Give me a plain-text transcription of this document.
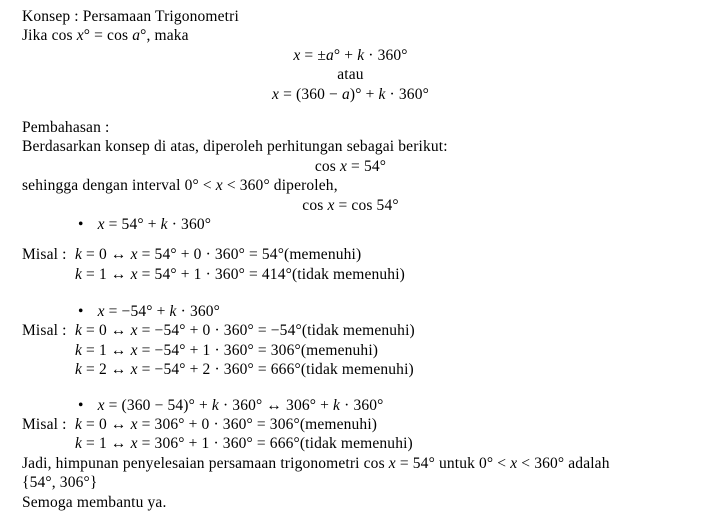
Konsep : Persamaan Trigonometri
Jika cos x° = cos a°, maka
x = ±a° + k · 360°
atau
x = (360 − a)° + k · 360°
Pembahasan :
Berdasarkan konsep di atas, diperoleh perhitungan sebagai berikut:
cos x = 54°
sehingga dengan interval 0° < x < 360° diperoleh,
cos x = cos 54°
• x = 54° + k · 360°
Misal : k = 0 ↔ x = 54° + 0 · 360° = 54°(memenuhi)
k = 1 ↔ x = 54° + 1 · 360° = 414°(tidak memenuhi)
• x = −54° + k · 360°
Misal : k = 0 ↔ x = −54° + 0 · 360° = −54°(tidak memenuhi)
k = 1 ↔ x = −54° + 1 · 360° = 306°(memenuhi)
k = 2 ↔ x = −54° + 2 · 360° = 666°(tidak memenuhi)
• x = (360 − 54)° + k · 360° ↔ 306° + k · 360°
Misal : k = 0 ↔ x = 306° + 0 · 360° = 306°(memenuhi)
k = 1 ↔ x = 306° + 1 · 360° = 666°(tidak memenuhi)
Jadi, himpunan penyelesaian persamaan trigonometri cos x = 54° untuk 0° < x < 360° adalah
{54°, 306°}
Semoga membantu ya.
